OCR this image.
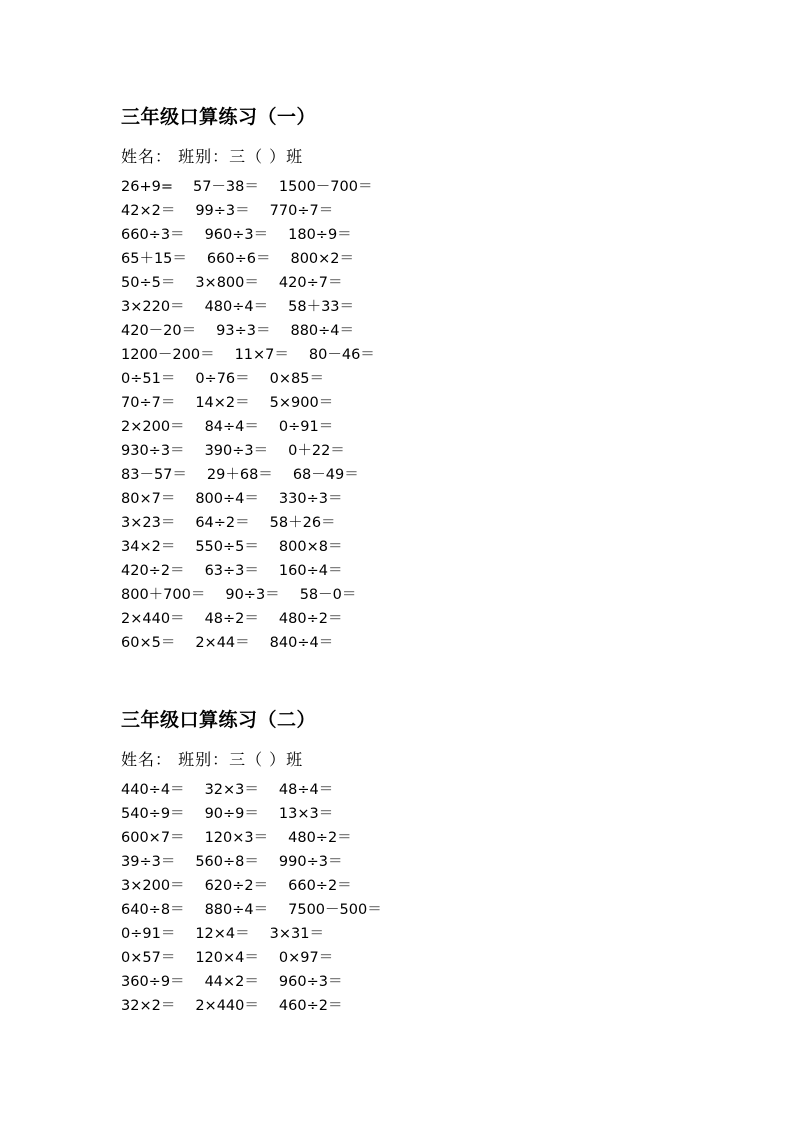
三年级口算练习（一）
姓名： 班别：三（ ）班
26+9= 57－38＝ 1500－700＝
42×2＝ 99÷3＝ 770÷7＝
660÷3＝ 960÷3＝ 180÷9＝
65＋15＝ 660÷6＝ 800×2＝
50÷5＝ 3×800＝ 420÷7＝
3×220＝ 480÷4＝ 58＋33＝
420－20＝ 93÷3＝ 880÷4＝
1200－200＝ 11×7＝ 80－46＝
0÷51＝ 0÷76＝ 0×85＝
70÷7＝ 14×2＝ 5×900＝
2×200＝ 84÷4＝ 0÷91＝
930÷3＝ 390÷3＝ 0＋22＝
83－57＝ 29＋68＝ 68－49＝
80×7＝ 800÷4＝ 330÷3＝
3×23＝ 64÷2＝ 58＋26＝
34×2＝ 550÷5＝ 800×8＝
420÷2＝ 63÷3＝ 160÷4＝
800＋700＝ 90÷3＝ 58－0＝
2×440＝ 48÷2＝ 480÷2＝
60×5＝ 2×44＝ 840÷4＝
三年级口算练习（二）
姓名： 班别：三（ ）班
440÷4＝ 32×3＝ 48÷4＝
540÷9＝ 90÷9＝ 13×3＝
600×7＝ 120×3＝ 480÷2＝
39÷3＝ 560÷8＝ 990÷3＝
3×200＝ 620÷2＝ 660÷2＝
640÷8＝ 880÷4＝ 7500－500＝
0÷91＝ 12×4＝ 3×31＝
0×57＝ 120×4＝ 0×97＝
360÷9＝ 44×2＝ 960÷3＝
32×2＝ 2×440＝ 460÷2＝
